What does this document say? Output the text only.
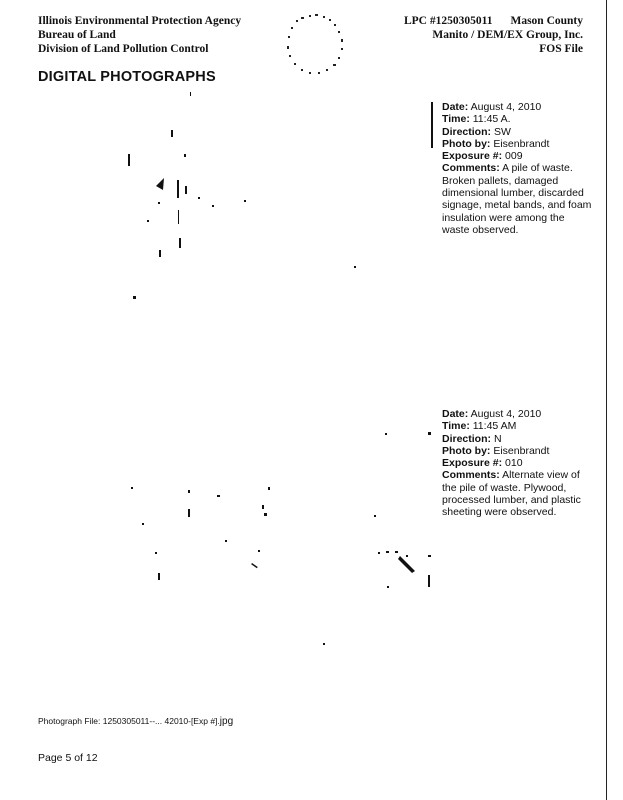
Illinois Environmental Protection Agency
Bureau of Land
Division of Land Pollution Control
LPC #1250305011 Mason County
Manito / DEM/EX Group, Inc.
FOS File
DIGITAL PHOTOGRAPHS
Date: August 4, 2010
Time: 11:45 A.
Direction: SW
Photo by: Eisenbrandt
Exposure #: 009
Comments: A pile of waste. Broken pallets, damaged dimensional lumber, discarded signage, metal bands, and foam insulation were among the waste observed.
Date: August 4, 2010
Time: 11:45 AM
Direction: N
Photo by: Eisenbrandt
Exposure #: 010
Comments: Alternate view of the pile of waste. Plywood, processed lumber, and plastic sheeting were observed.
Photograph File: 1250305011--... 42010-[Exp #].jpg
Page 5 of 12
